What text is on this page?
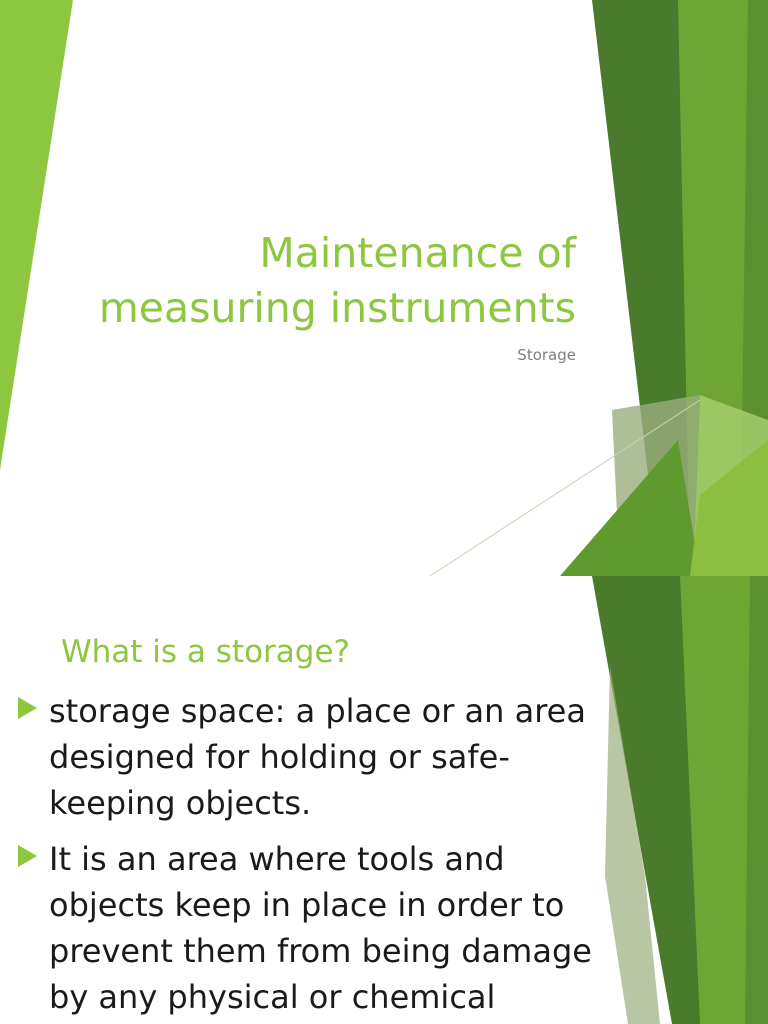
Maintenance of measuring instruments
Storage
What is a storage?
storage space: a place or an area designed for holding or safe-keeping objects.
It is an area where tools and objects keep in place in order to prevent them from being damage by any physical or chemical
